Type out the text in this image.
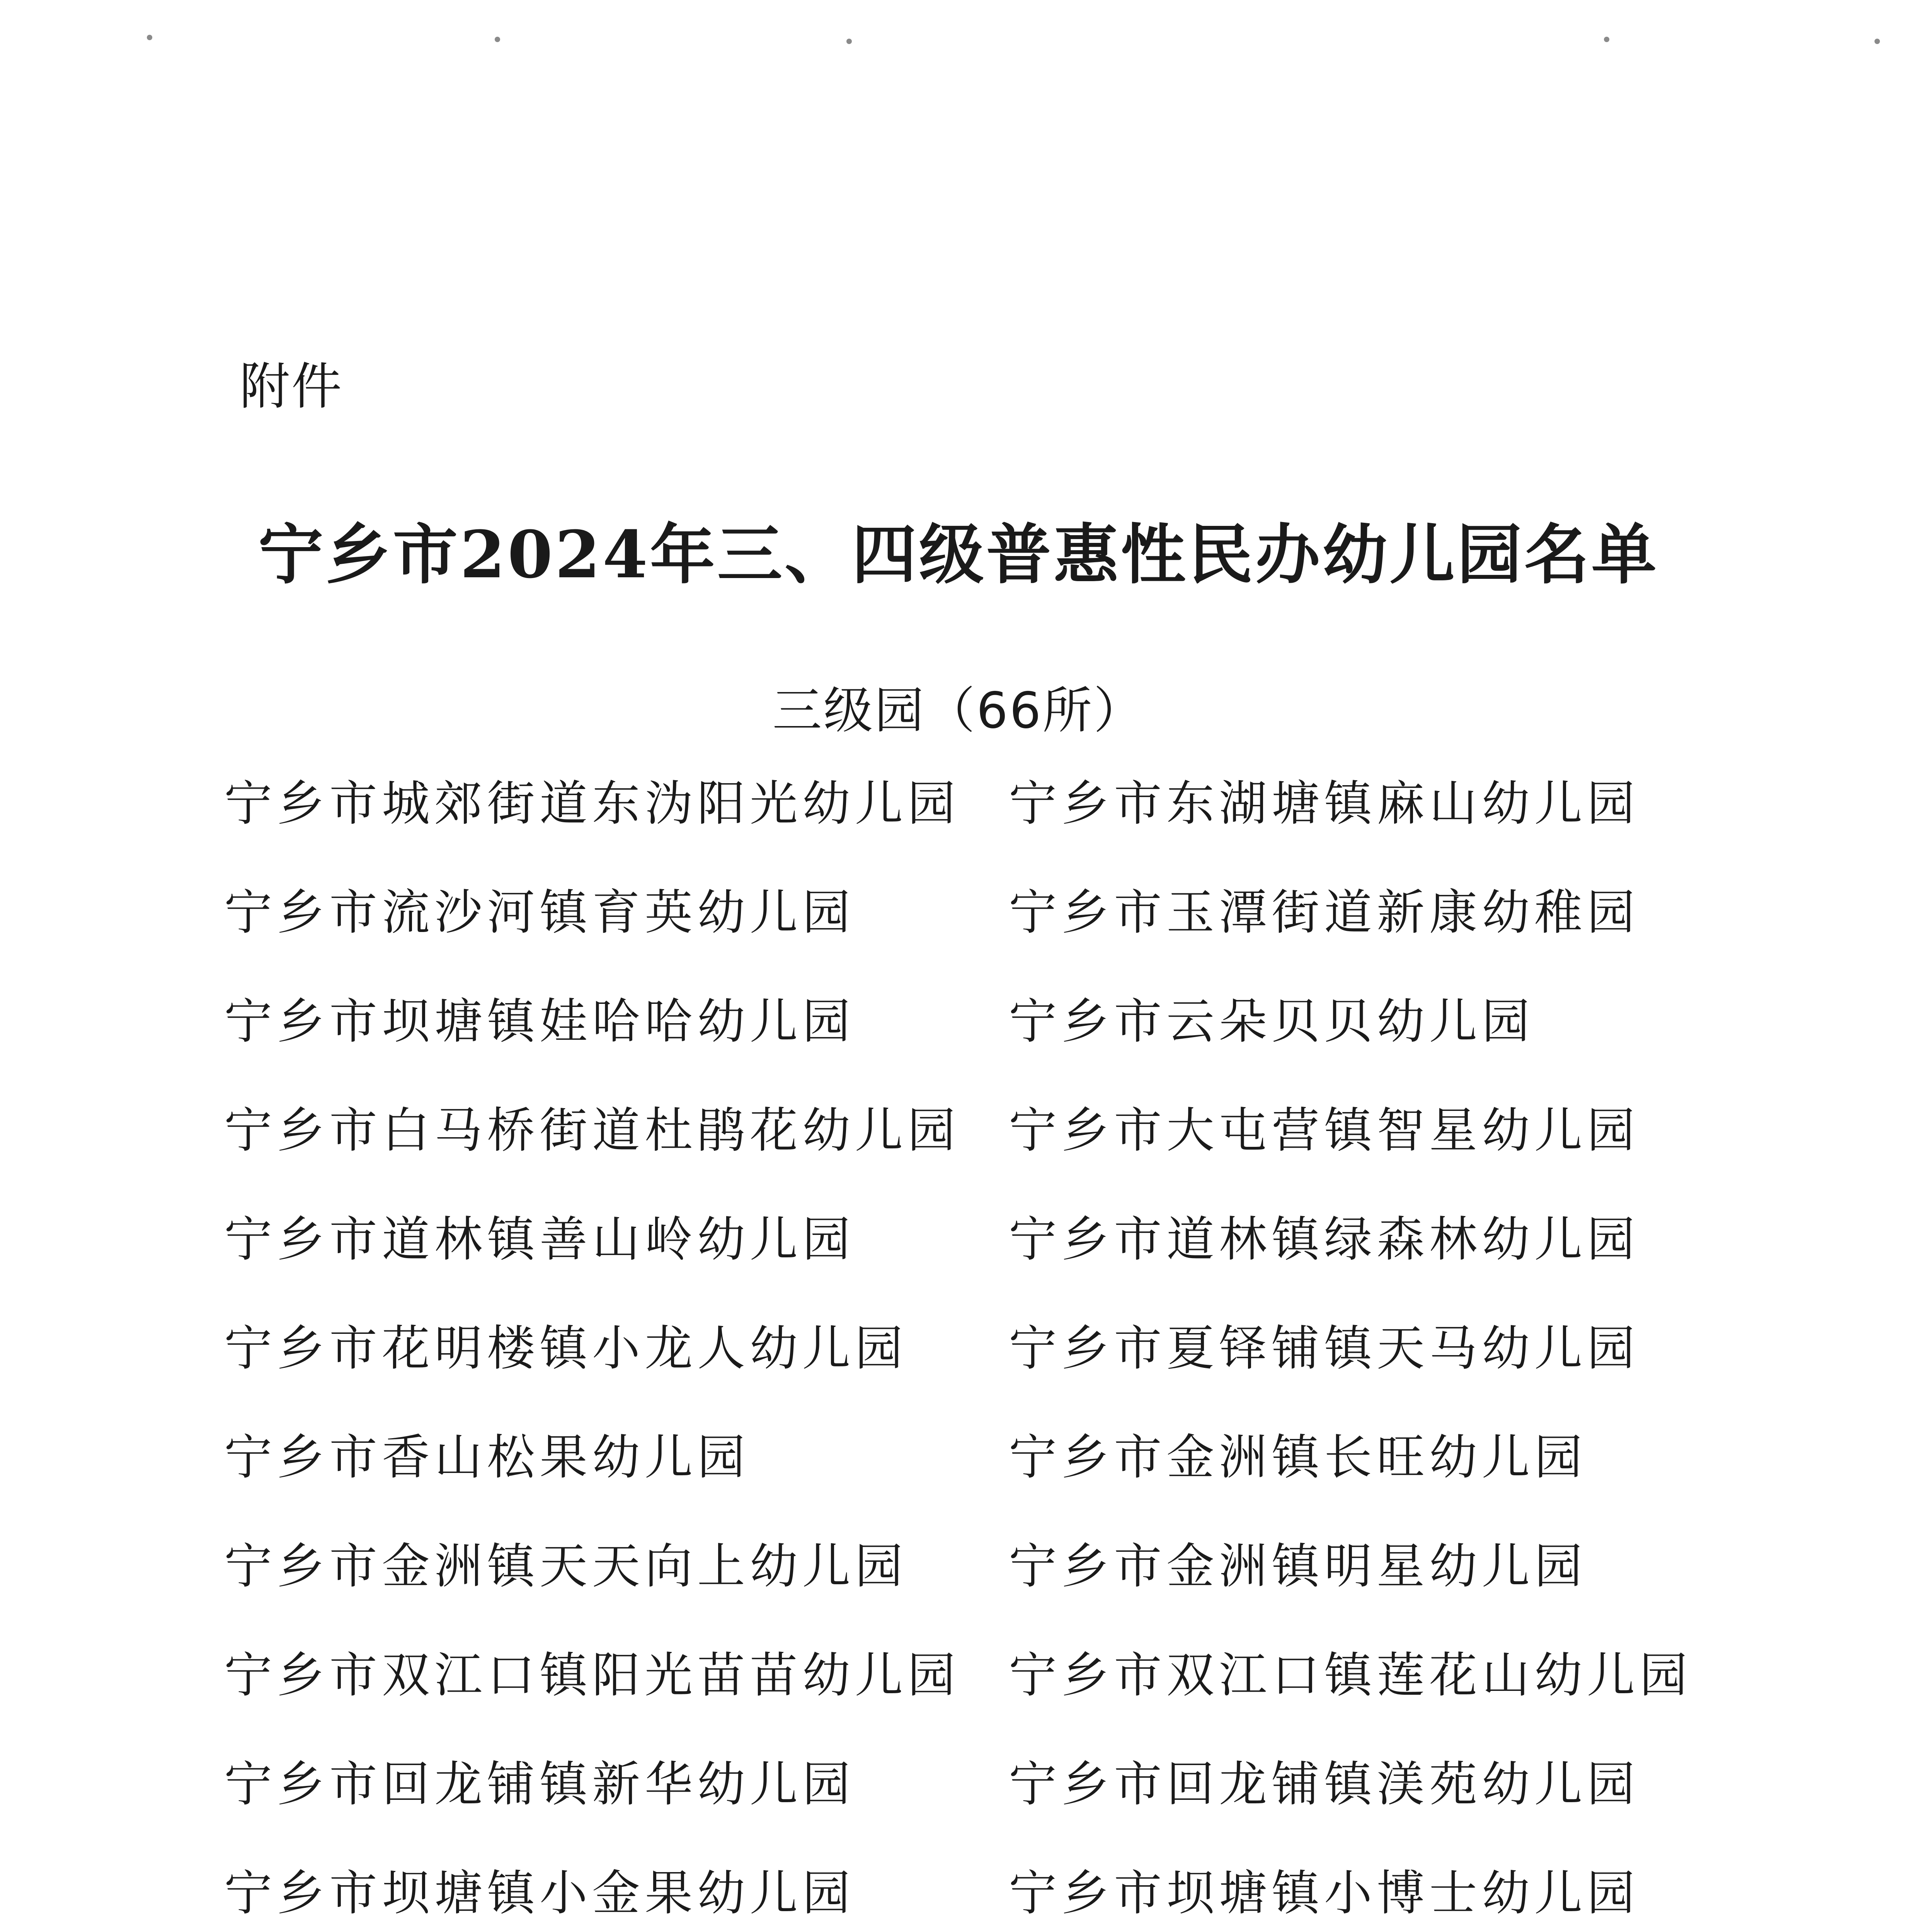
附件
宁乡市2024年三、四级普惠性民办幼儿园名单
三级园（66所）
宁乡市城郊街道东沩阳光幼儿园	宁乡市东湖塘镇麻山幼儿园
宁乡市流沙河镇育英幼儿园	宁乡市玉潭街道新康幼稚园
宁乡市坝塘镇娃哈哈幼儿园	宁乡市云朵贝贝幼儿园
宁乡市白马桥街道杜鹃花幼儿园	宁乡市大屯营镇智星幼儿园
宁乡市道林镇善山岭幼儿园	宁乡市道林镇绿森林幼儿园
宁乡市花明楼镇小龙人幼儿园	宁乡市夏铎铺镇天马幼儿园
宁乡市香山松果幼儿园	宁乡市金洲镇长旺幼儿园
宁乡市金洲镇天天向上幼儿园	宁乡市金洲镇明星幼儿园
宁乡市双江口镇阳光苗苗幼儿园	宁乡市双江口镇莲花山幼儿园
宁乡市回龙铺镇新华幼儿园	宁乡市回龙铺镇渼苑幼儿园
宁乡市坝塘镇小金果幼儿园	宁乡市坝塘镇小博士幼儿园
